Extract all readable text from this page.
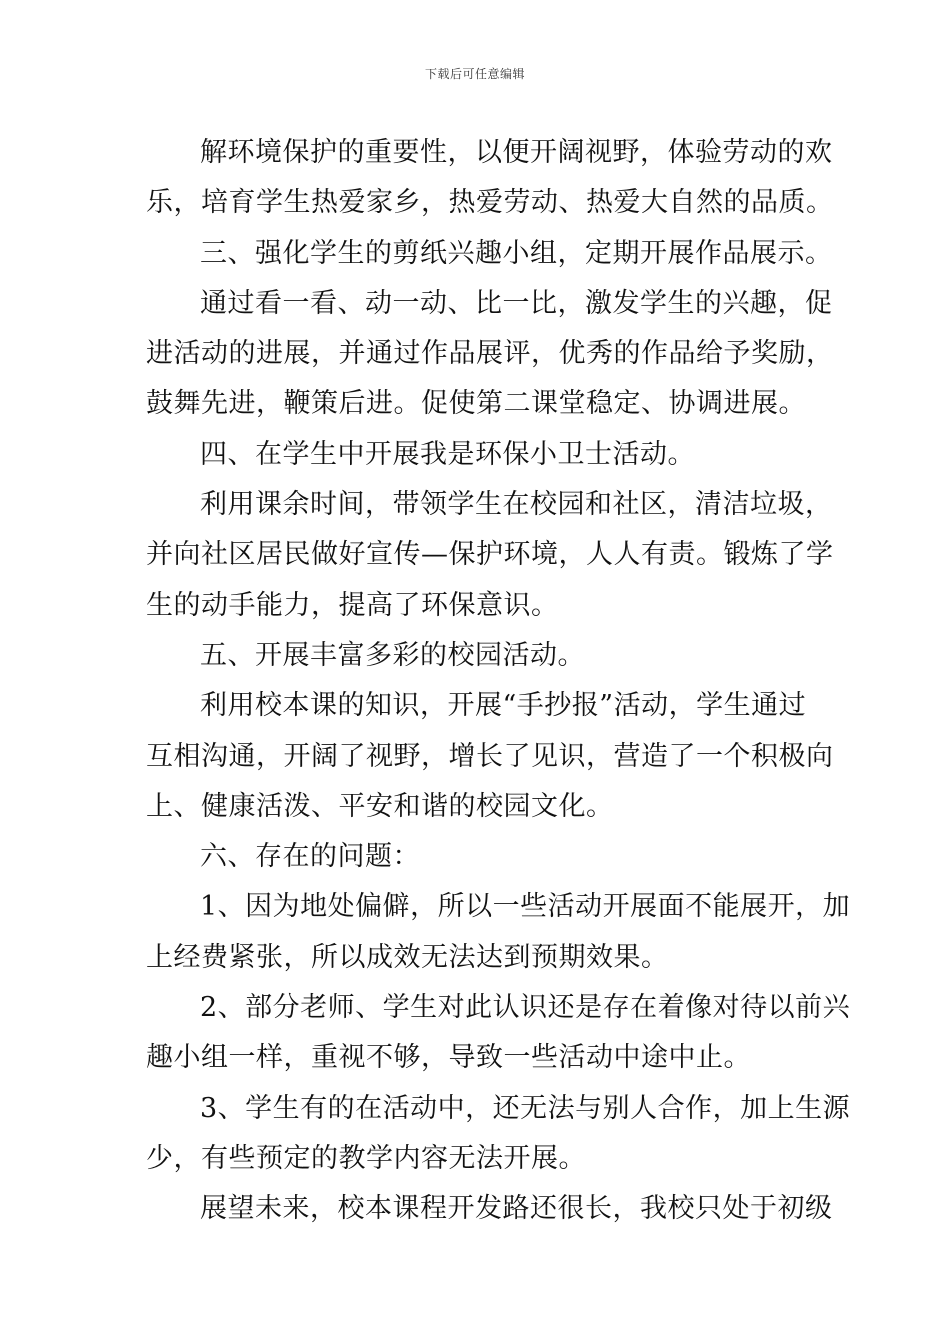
下载后可任意编辑
解环境保护的重要性，以便开阔视野，体验劳动的欢
乐，培育学生热爱家乡，热爱劳动、热爱大自然的品质。
三、强化学生的剪纸兴趣小组，定期开展作品展示。
通过看一看、动一动、比一比，激发学生的兴趣，促
进活动的进展，并通过作品展评，优秀的作品给予奖励，
鼓舞先进，鞭策后进。促使第二课堂稳定、协调进展。
四、在学生中开展我是环保小卫士活动。
利用课余时间，带领学生在校园和社区，清洁垃圾，
并向社区居民做好宣传—保护环境，人人有责。锻炼了学
生的动手能力，提高了环保意识。
五、开展丰富多彩的校园活动。
利用校本课的知识，开展“手抄报”活动，学生通过
互相沟通，开阔了视野，增长了见识，营造了一个积极向
上、健康活泼、平安和谐的校园文化。
六、存在的问题：
1、因为地处偏僻，所以一些活动开展面不能展开，加
上经费紧张，所以成效无法达到预期效果。
2、部分老师、学生对此认识还是存在着像对待以前兴
趣小组一样，重视不够，导致一些活动中途中止。
3、学生有的在活动中，还无法与别人合作，加上生源
少，有些预定的教学内容无法开展。
展望未来，校本课程开发路还很长，我校只处于初级
